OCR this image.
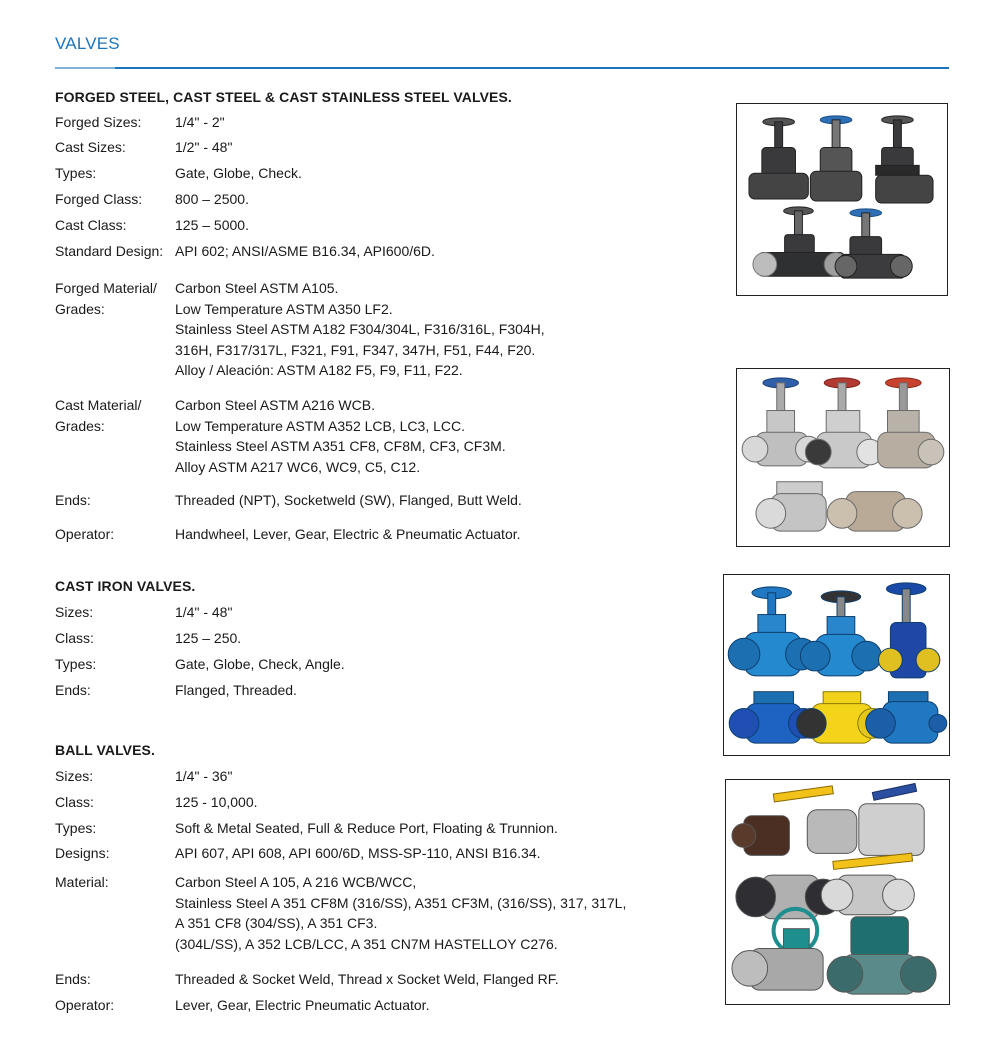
VALVES
FORGED STEEL, CAST STEEL & CAST STAINLESS STEEL VALVES.
Forged Sizes:	1/4" - 2"
Cast Sizes:	1/2" - 48"
Types:	Gate, Globe, Check.
Forged Class:	800 – 2500.
Cast Class:	125 – 5000.
Standard Design: API 602; ANSI/ASME B16.34, API600/6D.
Forged Material/
Grades:
Carbon Steel ASTM A105.
Low Temperature ASTM A350 LF2.
Stainless Steel ASTM A182 F304/304L, F316/316L, F304H,
316H, F317/317L, F321, F91, F347, 347H, F51, F44, F20.
Alloy / Aleación: ASTM A182 F5, F9, F11, F22.
Cast Material/
Grades:
Carbon Steel ASTM A216 WCB.
Low Temperature ASTM A352 LCB, LC3, LCC.
Stainless Steel ASTM A351 CF8, CF8M, CF3, CF3M.
Alloy ASTM A217 WC6, WC9, C5, C12.
Ends:	Threaded (NPT), Socketweld (SW), Flanged, Butt Weld.
Operator:	Handwheel, Lever, Gear, Electric & Pneumatic Actuator.
CAST IRON VALVES.
Sizes:	1/4" - 48"
Class:	125 – 250.
Types:	Gate, Globe, Check, Angle.
Ends:	Flanged, Threaded.
BALL VALVES.
Sizes:	1/4" - 36"
Class:	125 - 10,000.
Types:	Soft & Metal Seated, Full & Reduce Port, Floating & Trunnion.
Designs:	API 607, API 608, API 600/6D, MSS-SP-110, ANSI B16.34.
Material:	Carbon Steel A 105, A 216 WCB/WCC,
Stainless Steel A 351 CF8M (316/SS), A351 CF3M, (316/SS), 317, 317L,
A 351 CF8 (304/SS), A 351 CF3.
(304L/SS), A 352 LCB/LCC, A 351 CN7M HASTELLOY C276.
Ends:	Threaded & Socket Weld, Thread x Socket Weld, Flanged RF.
Operator:	Lever, Gear, Electric Pneumatic Actuator.
